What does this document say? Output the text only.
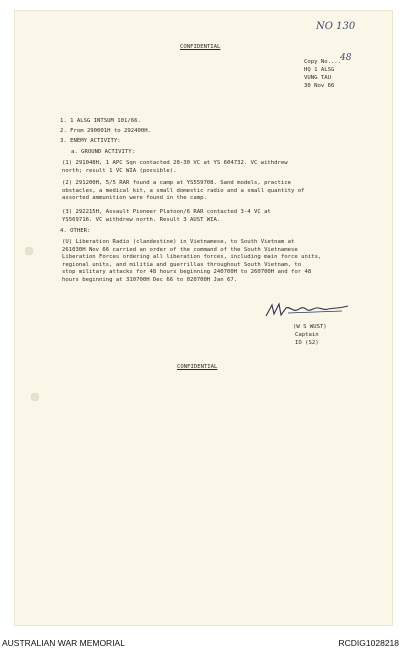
NO 130
CONFIDENTIAL
Copy No....
48
HQ 1 ALSG
VUNG TAU
30 Nov 66
1. 1 ALSG INTSUM 101/66.
2. From 290001H to 292400H.
3. ENEMY ACTIVITY:
a. GROUND ACTIVITY:
(1) 291048H, 1 APC Sqn contacted 20-30 VC at YS 604732. VC withdrew
north; result 1 VC WIA (possible).
(2) 291200H, 5/5 RAR found a camp at YS559708. Sand models, practice
obstacles, a medical kit, a small domestic radio and a small quantity of
assorted ammunition were found in the camp.
(3) 292215H, Assault Pioneer Platoon/6 RAR contacted 3-4 VC at
YS569716. VC withdrew north. Result 3 AUST WIA.
4. OTHER:
(U) Liberation Radio (clandestine) in Vietnamese, to South Vietnam at
261030H Nov 66 carried an order of the command of the South Vietnamese
Liberation Forces ordering all liberation forces, including main force units,
regional units, and militia and guerrillas throughout South Vietnam, to
stop military attacks for 48 hours beginning 240700H to 260700H and for 48
hours beginning at 310700H Dec 66 to 020700H Jan 67.
(W S WUST)
Captain
IO (S2)
CONFIDENTIAL
AUSTRALIAN WAR MEMORIAL	RCDIG1028218
